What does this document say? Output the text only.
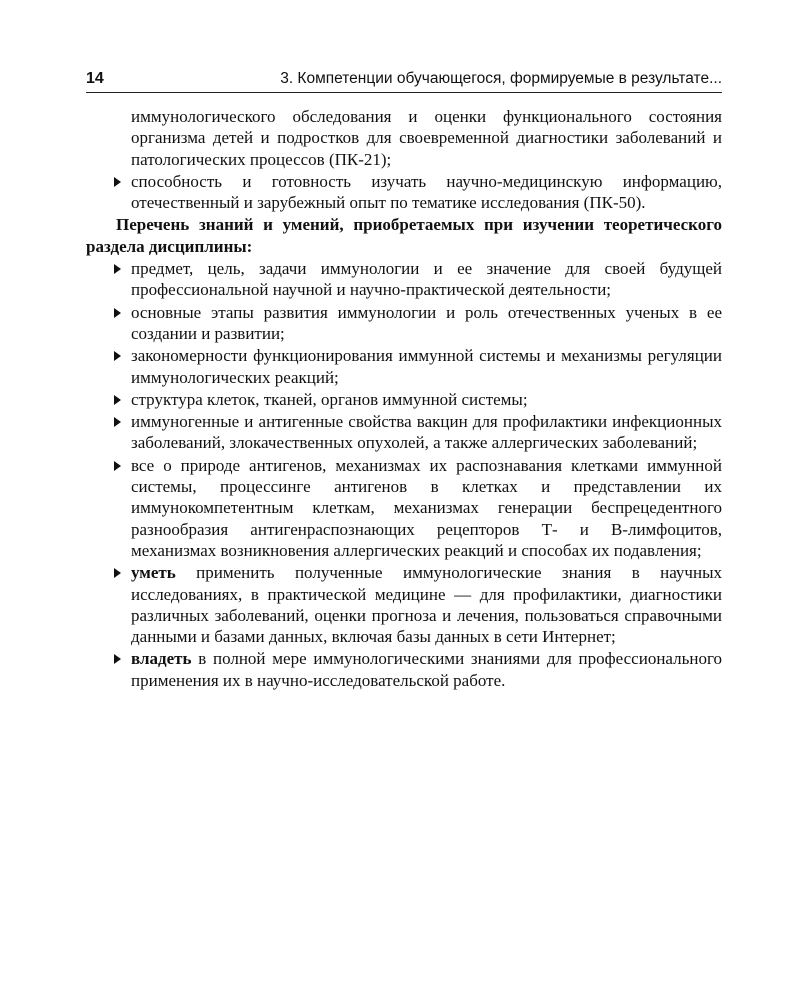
14	3. Компетенции обучающегося, формируемые в результате...
иммунологического обследования и оценки функционального состояния организма детей и подростков для своевременной диагностики заболеваний и патологических процессов (ПК-21);
способность и готовность изучать научно-медицинскую информацию, отечественный и зарубежный опыт по тематике исследования (ПК-50).

Перечень знаний и умений, приобретаемых при изучении теоретического раздела дисциплины:

предмет, цель, задачи иммунологии и ее значение для своей будущей профессиональной научной и научно-практической деятельности;
основные этапы развития иммунологии и роль отечественных ученых в ее создании и развитии;
закономерности функционирования иммунной системы и механизмы регуляции иммунологических реакций;
структура клеток, тканей, органов иммунной системы;
иммуногенные и антигенные свойства вакцин для профилактики инфекционных заболеваний, злокачественных опухолей, а также аллергических заболеваний;
все о природе антигенов, механизмах их распознавания клетками иммунной системы, процессинге антигенов в клетках и представлении их иммунокомпетентным клеткам, механизмах генерации беспрецедентного разнообразия антигенраспознающих рецепторов Т- и В-лимфоцитов, механизмах возникновения аллергических реакций и способах их подавления;
уметь применить полученные иммунологические знания в научных исследованиях, в практической медицине — для профилактики, диагностики различных заболеваний, оценки прогноза и лечения, пользоваться справочными данными и базами данных, включая базы данных в сети Интернет;
владеть в полной мере иммунологическими знаниями для профессионального применения их в научно-исследовательской работе.
